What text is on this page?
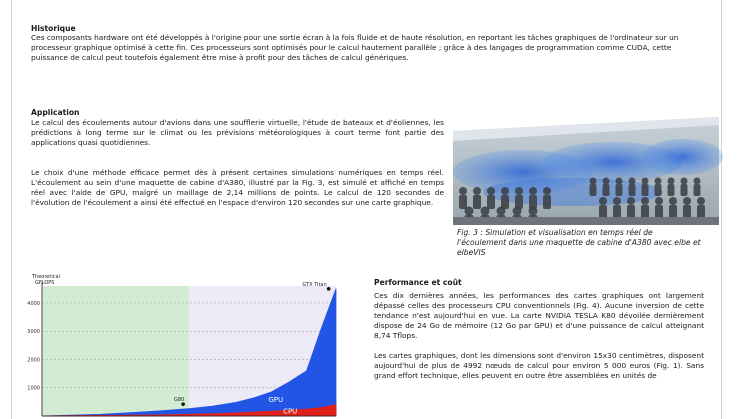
Historique

Ces composants hardware ont été développés à l'origine pour une sortie écran à la fois fluide et de haute résolution, en reportant les tâches graphiques de l'ordinateur sur un processeur graphique optimisé à cette fin. Ces processeurs sont optimisés pour le calcul hautement parallèle ; grâce à des langages de programmation comme CUDA, cette puissance de calcul peut toutefois également être mise à profit pour des tâches de calcul génériques.

Application

Le calcul des écoulements autour d'avions dans une soufflerie virtuelle, l'étude de bateaux et d'éoliennes, les prédictions à long terme sur le climat ou les prévisions météorologiques à court terme font partie des applications quasi quotidiennes.

Le choix d'une méthode efficace permet dès à présent certaines simulations numériques en temps réel. L'écoulement au sein d'une maquette de cabine d'A380, illustré par la Fig. 3, est simulé et affiché en temps réel avec l'aide de GPU, malgré un maillage de 2,14 millions de points. Le calcul de 120 secondes de l'évolution de l'écoulement a ainsi été effectué en l'espace d'environ 120 secondes sur une carte graphique.

Fig. 3 : Simulation et visualisation en temps réel de l'écoulement dans une maquette de cabine d'A380 avec elbe et elbeVIS
Performance et coût

Ces dix dernières années, les performances des cartes graphiques ont largement dépassé celles des processeurs CPU conventionnels (Fig. 4). Aucune inversion de cette tendance n'est aujourd'hui en vue. La carte NVIDIA TESLA K80 dévoilée dernièrement dispose de 24 Go de mémoire (12 Go par GPU) et d'une puissance de calcul atteignant 8,74 Tflops.

Les cartes graphiques, dont les dimensions sont d'environ 15x30 centimètres, disposent aujourd'hui de plus de 4992 nœuds de calcul pour environ 5 000 euros (Fig. 1). Sans grand effort technique, elles peuvent en outre être assemblées en unités de

4000
3000
2000
1000
Theoretical
GFLOPS	GTX Titan
G80	GPU
CPU
